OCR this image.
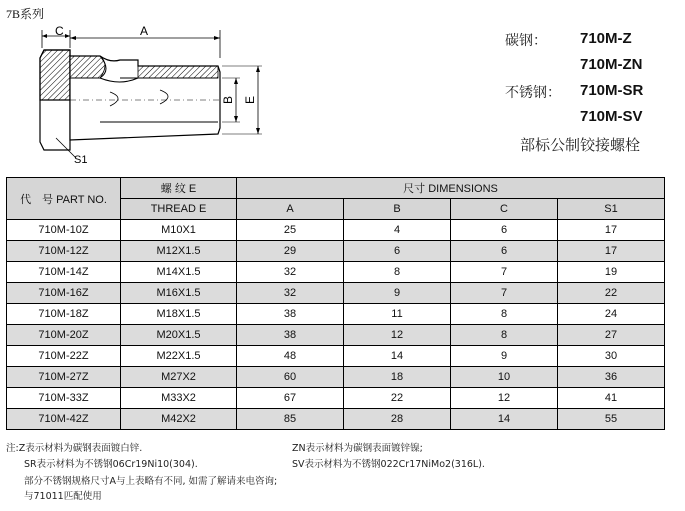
7B系列
C	A
B E
S1
碳钢： 710M-Z
710M-ZN
不锈钢： 710M-SR
710M-SV
部标公制铰接螺栓
代　号 PART NO.	螺 纹 E	尺寸 DIMENSIONS			
	THREAD E	A	B	C	S1
710M-10Z	M10X1	25	4	6	17
710M-12Z	M12X1.5	29	6	6	17
710M-14Z	M14X1.5	32	8	7	19
710M-16Z	M16X1.5	32	9	7	22
710M-18Z	M18X1.5	38	11	8	24
710M-20Z	M20X1.5	38	12	8	27
710M-22Z	M22X1.5	48	14	9	30
710M-27Z	M27X2	60	18	10	36
710M-33Z	M33X2	67	22	12	41
710M-42Z	M42X2	85	28	14	55
注:Z表示材料为碳钢表面镀白锌.	ZN表示材料为碳钢表面镀锌镍;
SR表示材料为不锈钢06Cr19Ni10(304).	SV表示材料为不锈钢022Cr17NiMo2(316L).
部分不锈钢规格尺寸A与上表略有不同, 如需了解请来电咨询;
与71011匹配使用
